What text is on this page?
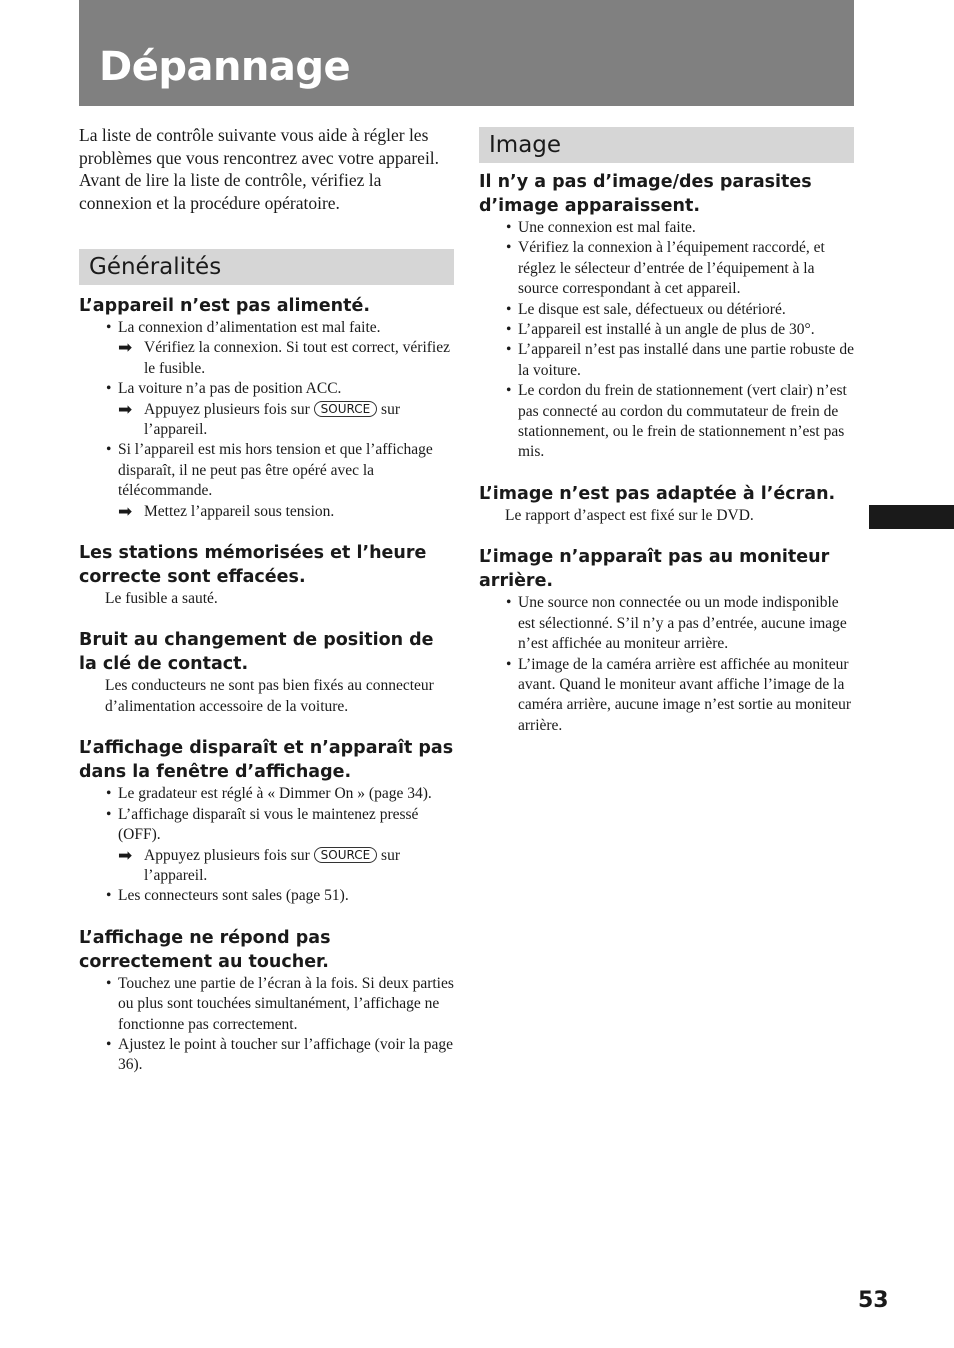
Dépannage

La liste de contrôle suivante vous aide à régler les problèmes que vous rencontrez avec votre appareil. Avant de lire la liste de contrôle, vérifiez la connexion et la procédure opératoire.

Généralités
L’appareil n’est pas alimenté.
• La connexion d’alimentation est mal faite.
➡ Vérifiez la connexion. Si tout est correct, vérifiez le fusible.
• La voiture n’a pas de position ACC.
➡ Appuyez plusieurs fois sur SOURCE sur l’appareil.
• Si l’appareil est mis hors tension et que l’affichage disparaît, il ne peut pas être opéré avec la télécommande.
➡ Mettez l’appareil sous tension.
Les stations mémorisées et l’heure correcte sont effacées.

Le fusible a sauté.

Bruit au changement de position de la clé de contact.

Les conducteurs ne sont pas bien fixés au connecteur d’alimentation accessoire de la voiture.

L’affichage disparaît et n’apparaît pas dans la fenêtre d’affichage.
• Le gradateur est réglé à « Dimmer On » (page 34).
• L’affichage disparaît si vous le maintenez pressé (OFF).
➡ Appuyez plusieurs fois sur SOURCE sur l’appareil.
• Les connecteurs sont sales (page 51).
L’affichage ne répond pas correctement au toucher.
• Touchez une partie de l’écran à la fois. Si deux parties ou plus sont touchées simultanément, l’affichage ne fonctionne pas correctement.
• Ajustez le point à toucher sur l’affichage (voir la page 36).
Image
Il n’y a pas d’image/des parasites d’image apparaissent.
• Une connexion est mal faite.
• Vérifiez la connexion à l’équipement raccordé, et réglez le sélecteur d’entrée de l’équipement à la source correspondant à cet appareil.
• Le disque est sale, défectueux ou détérioré.
• L’appareil est installé à un angle de plus de 30°.
• L’appareil n’est pas installé dans une partie robuste de la voiture.
• Le cordon du frein de stationnement (vert clair) n’est pas connecté au cordon du commutateur de frein de stationnement, ou le frein de stationnement n’est pas mis.
L’image n’est pas adaptée à l’écran.

Le rapport d’aspect est fixé sur le DVD.

L’image n’apparaît pas au moniteur arrière.
• Une source non connectée ou un mode indisponible est sélectionné. S’il n’y a pas d’entrée, aucune image n’est affichée au moniteur arrière.
• L’image de la caméra arrière est affichée au moniteur avant. Quand le moniteur avant affiche l’image de la caméra arrière, aucune image n’est sortie au moniteur arrière.
53
